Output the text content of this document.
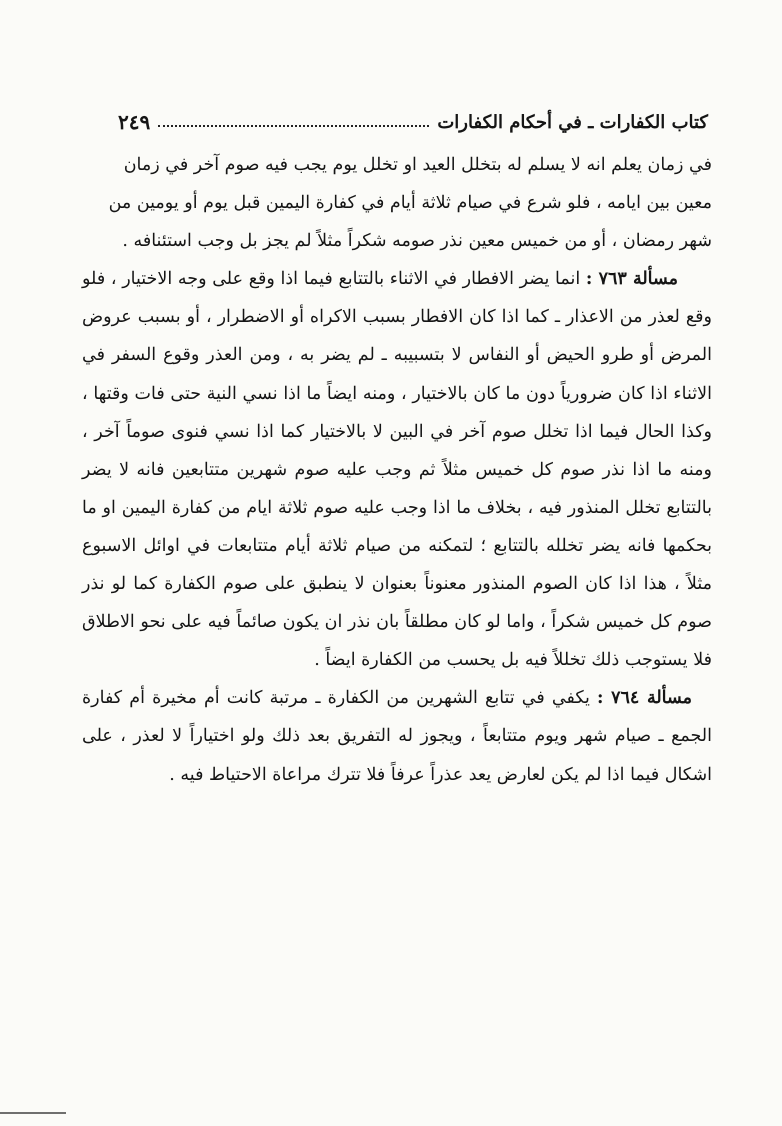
كتاب الكفارات ـ في أحكام الكفارات
٢٤٩

في زمان يعلم انه لا يسلم له بتخلل العيد او تخلل يوم يجب فيه صوم آخر في زمان معين بين ايامه ، فلو شرع في صيام ثلاثة أيام في كفارة اليمين قبل يوم أو يومين من شهر رمضان ، أو من خميس معين نذر صومه شكراً مثلاً لم يجز بل وجب استئنافه .

مسألة ٧٦٣ : انما يضر الافطار في الاثناء بالتتابع فيما اذا وقع على وجه الاختيار ، فلو وقع لعذر من الاعذار ـ كما اذا كان الافطار بسبب الاكراه أو الاضطرار ، أو بسبب عروض المرض أو طرو الحيض أو النفاس لا بتسبيبه ـ لم يضر به ، ومن العذر وقوع السفر في الاثناء اذا كان ضرورياً دون ما كان بالاختيار ، ومنه ايضاً ما اذا نسي النية حتى فات وقتها ، وكذا الحال فيما اذا تخلل صوم آخر في البين لا بالاختيار كما اذا نسي فنوى صوماً آخر ، ومنه ما اذا نذر صوم كل خميس مثلاً ثم وجب عليه صوم شهرين متتابعين فانه لا يضر بالتتابع تخلل المنذور فيه ، بخلاف ما اذا وجب عليه صوم ثلاثة ايام من كفارة اليمين او ما بحكمها فانه يضر تخلله بالتتابع ؛ لتمكنه من صيام ثلاثة أيام متتابعات في اوائل الاسبوع مثلاً ، هذا اذا كان الصوم المنذور معنوناً بعنوان لا ينطبق على صوم الكفارة كما لو نذر صوم كل خميس شكراً ، واما لو كان مطلقاً بان نذر ان يكون صائماً فيه على نحو الاطلاق فلا يستوجب ذلك تخللاً فيه بل يحسب من الكفارة ايضاً .

مسألة ٧٦٤ : يكفي في تتابع الشهرين من الكفارة ـ مرتبة كانت أم مخيرة أم كفارة الجمع ـ صيام شهر ويوم متتابعاً ، ويجوز له التفريق بعد ذلك ولو اختياراً لا لعذر ، على اشكال فيما اذا لم يكن لعارض يعد عذراً عرفاً فلا تترك مراعاة الاحتياط فيه .
